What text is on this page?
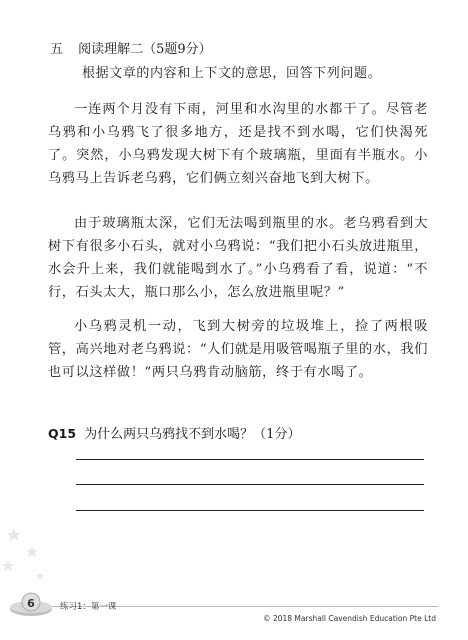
五 阅读理解二（5题9分）
根据文章的内容和上下文的意思，回答下列问题。

一连两个月没有下雨，河里和水沟里的水都干了。尽管老乌鸦和小乌鸦飞了很多地方，还是找不到水喝，它们快渴死了。突然，小乌鸦发现大树下有个玻璃瓶，里面有半瓶水。小乌鸦马上告诉老乌鸦，它们俩立刻兴奋地飞到大树下。

由于玻璃瓶太深，它们无法喝到瓶里的水。老乌鸦看到大树下有很多小石头，就对小乌鸦说：“我们把小石头放进瓶里，水会升上来，我们就能喝到水了。”小乌鸦看了看，说道：“不行，石头太大，瓶口那么小，怎么放进瓶里呢？”

小乌鸦灵机一动，飞到大树旁的垃圾堆上，捡了两根吸管，高兴地对老乌鸦说：“人们就是用吸管喝瓶子里的水，我们也可以这样做！”两只乌鸦肯动脑筋，终于有水喝了。

Q15 为什么两只乌鸦找不到水喝？（1分）
6	练习1：第一课
© 2018 Marshall Cavendish Education Pte Ltd
